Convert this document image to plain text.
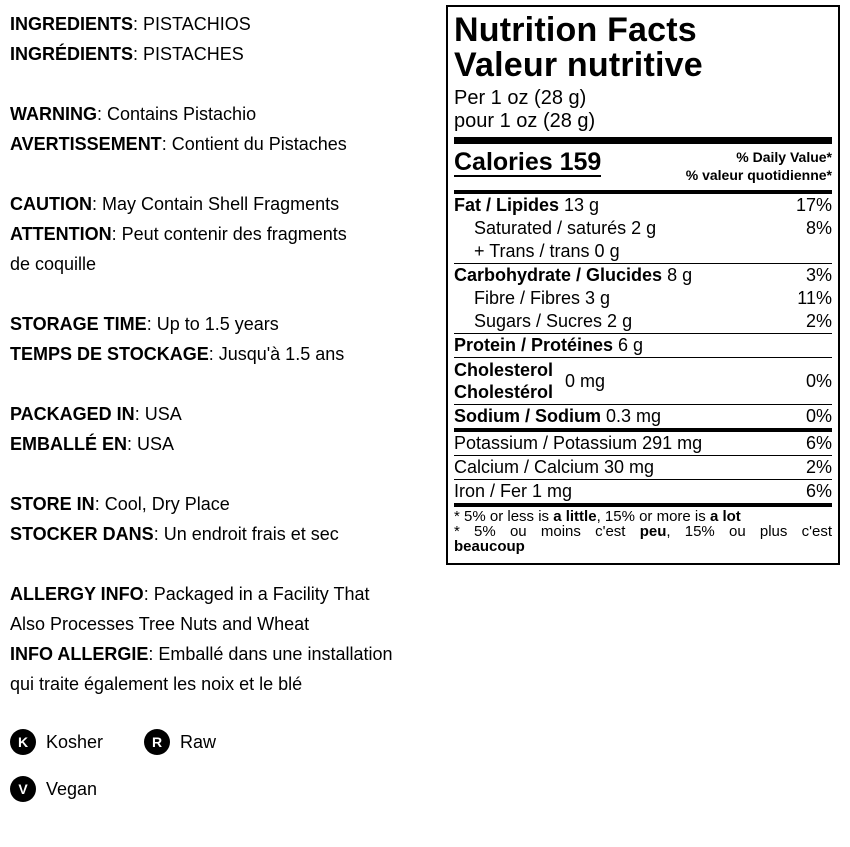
INGREDIENTS: PISTACHIOS
INGRÉDIENTS: PISTACHES
WARNING: Contains Pistachio
AVERTISSEMENT: Contient du Pistaches
CAUTION: May Contain Shell Fragments
ATTENTION: Peut contenir des fragments
de coquille
STORAGE TIME: Up to 1.5 years
TEMPS DE STOCKAGE: Jusqu'à 1.5 ans
PACKAGED IN: USA
EMBALLÉ EN: USA
STORE IN: Cool, Dry Place
STOCKER DANS: Un endroit frais et sec
ALLERGY INFO: Packaged in a Facility That
Also Processes Tree Nuts and Wheat
INFO ALLERGIE: Emballé dans une installation
qui traite également les noix et le blé
K Kosher	R Raw
V	Vegan
Nutrition Facts
Valeur nutritive
Per 1 oz (28 g)
pour 1 oz (28 g)
Calories 159	% Daily Value*
% valeur quotidienne*
Fat / Lipides 13 g	17%
Saturated / saturés 2 g	8%
+ Trans / trans 0 g
Carbohydrate / Glucides 8 g	3%
Fibre / Fibres 3 g	11%
Sugars / Sucres 2 g	2%
Protein / Protéines 6 g
Cholesterol
Cholestérol
0 mg	0%
Sodium / Sodium 0.3 mg	0%
Potassium / Potassium 291 mg	6%
Calcium / Calcium 30 mg	2%
Iron / Fer 1 mg	6%
* 5% or less is a little, 15% or more is a lot
* 5% ou moins c'est peu, 15% ou plus c'est
beaucoup
